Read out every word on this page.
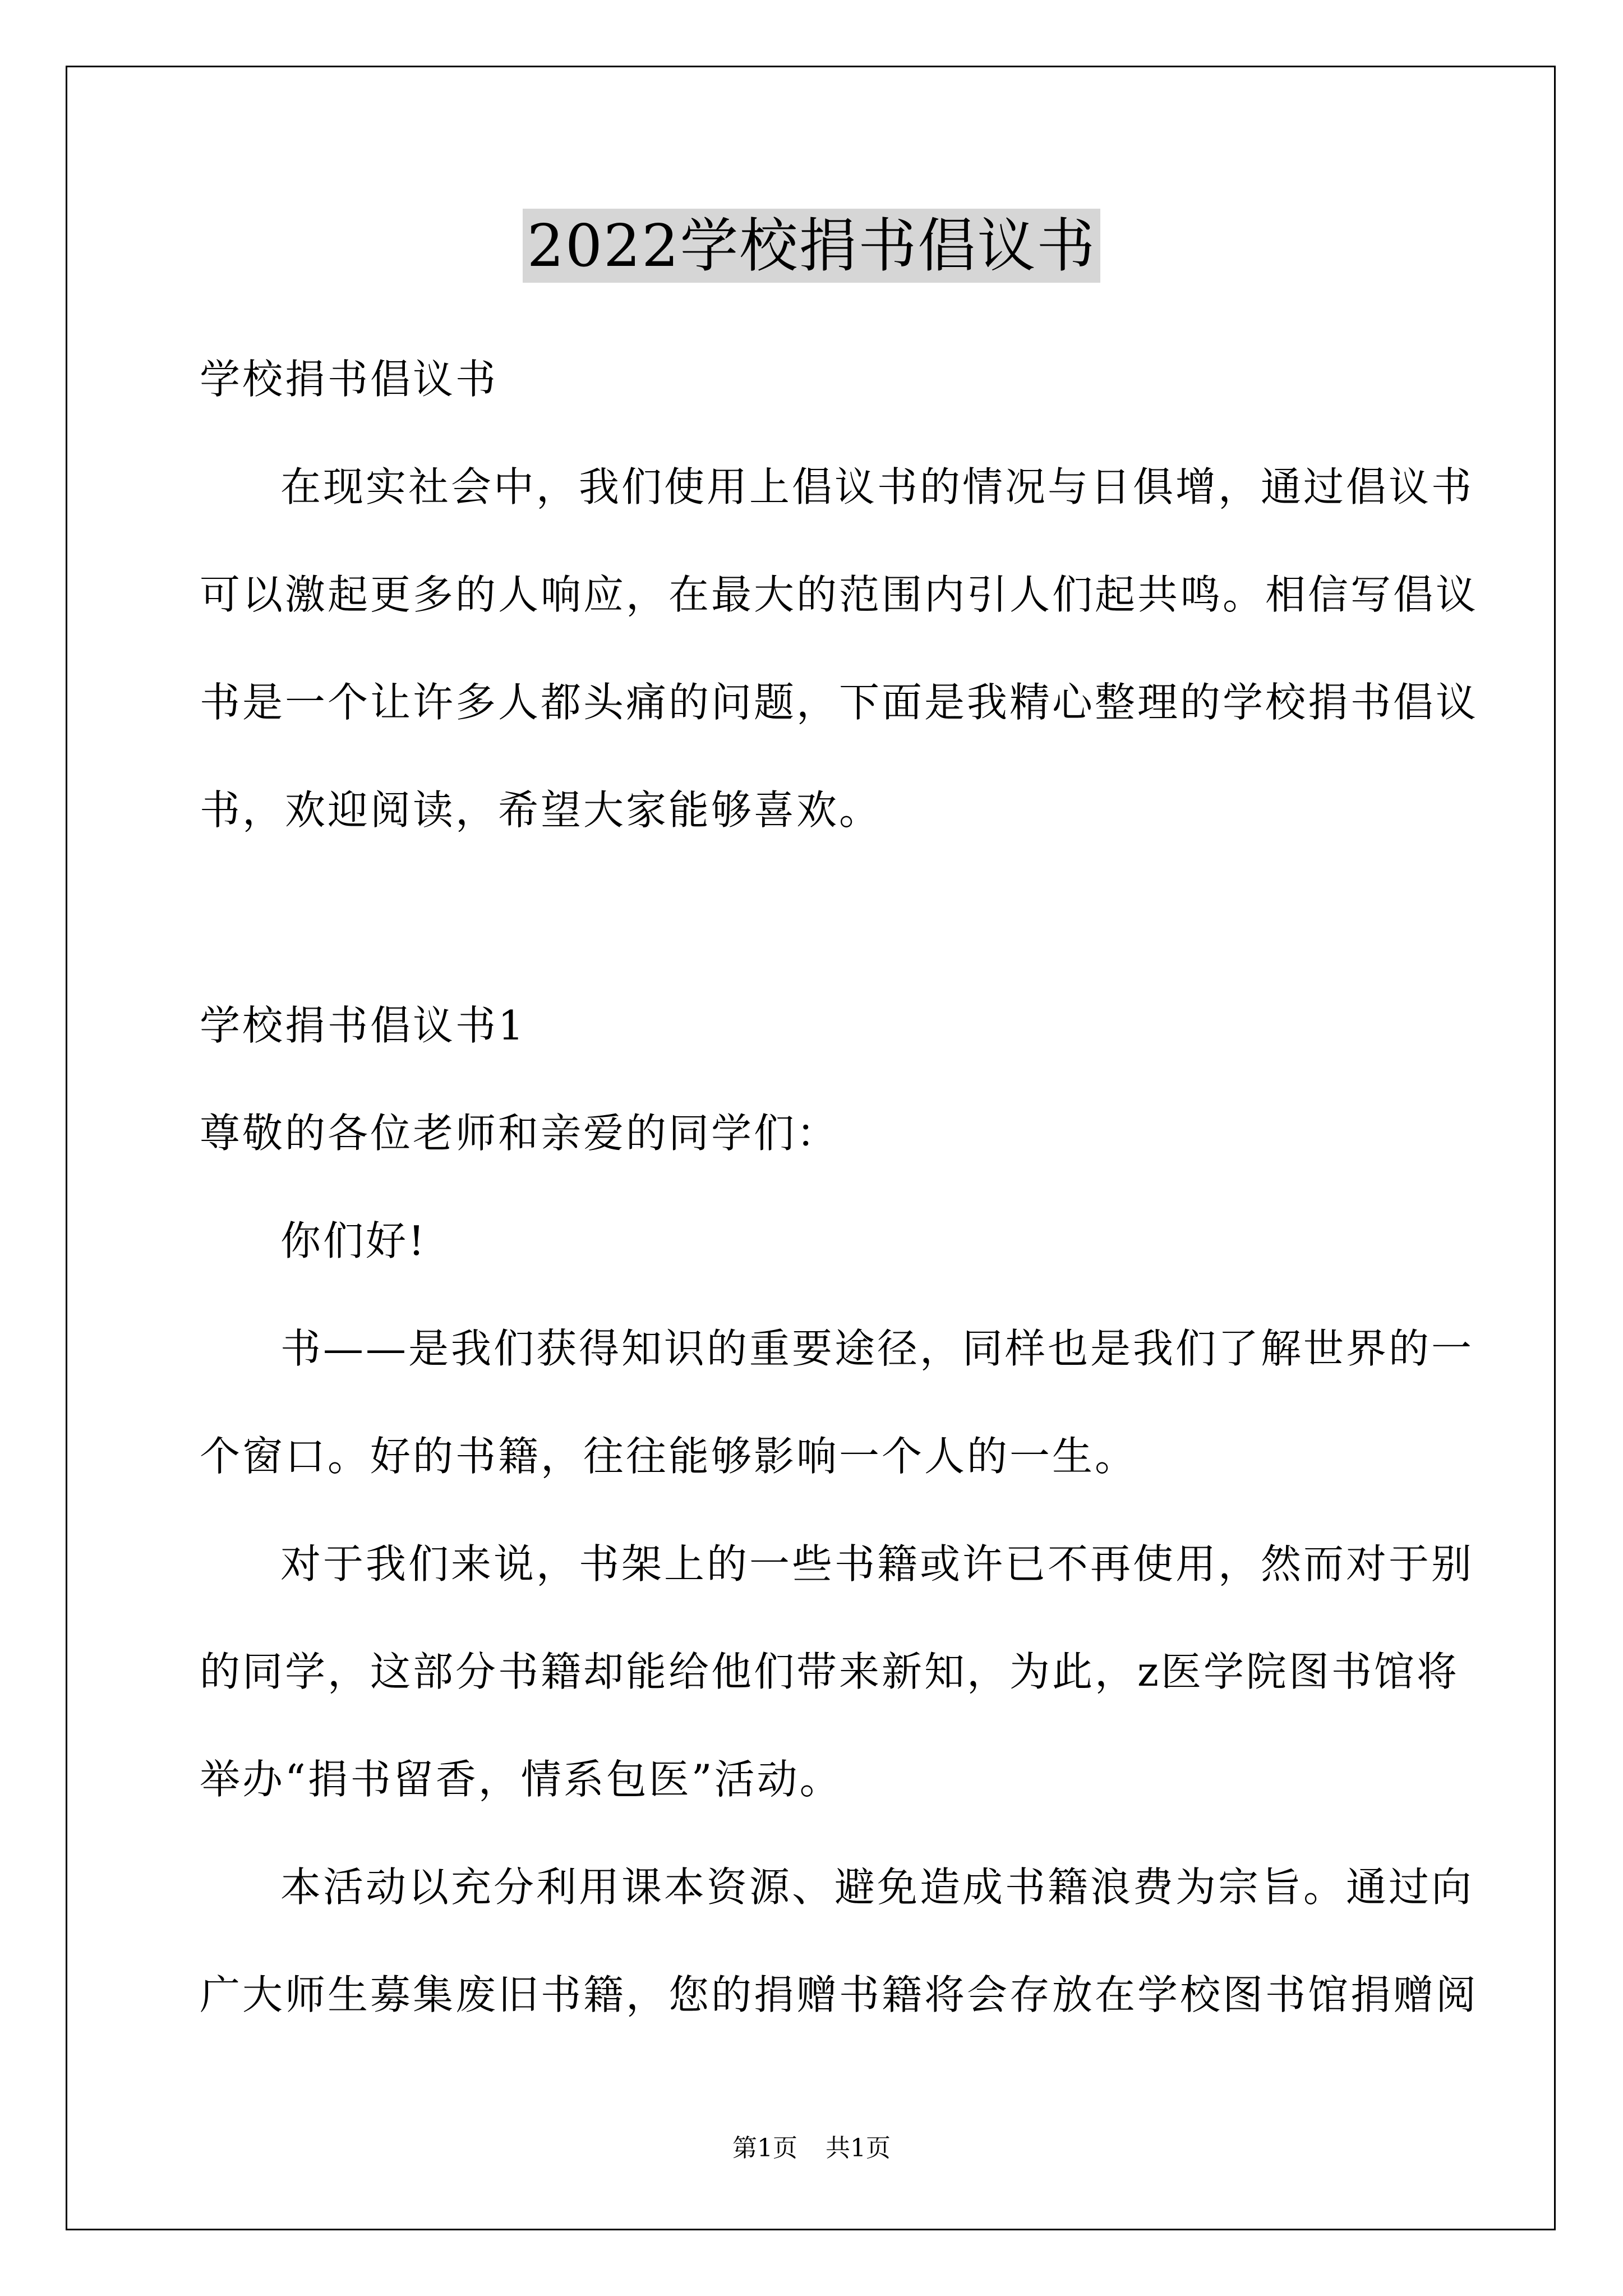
2022学校捐书倡议书
学校捐书倡议书
在现实社会中，我们使用上倡议书的情况与日俱增，通过倡议书
可以激起更多的人响应，在最大的范围内引人们起共鸣。相信写倡议
书是一个让许多人都头痛的问题，下面是我精心整理的学校捐书倡议
书，欢迎阅读，希望大家能够喜欢。
学校捐书倡议书1
尊敬的各位老师和亲爱的同学们：
你们好!
书——是我们获得知识的重要途径，同样也是我们了解世界的一
个窗口。好的书籍，往往能够影响一个人的一生。
对于我们来说，书架上的一些书籍或许已不再使用，然而对于别
的同学，这部分书籍却能给他们带来新知，为此，z医学院图书馆将
举办“捐书留香，情系包医”活动。
本活动以充分利用课本资源、避免造成书籍浪费为宗旨。通过向
广大师生募集废旧书籍，您的捐赠书籍将会存放在学校图书馆捐赠阅
第1页 共1页
